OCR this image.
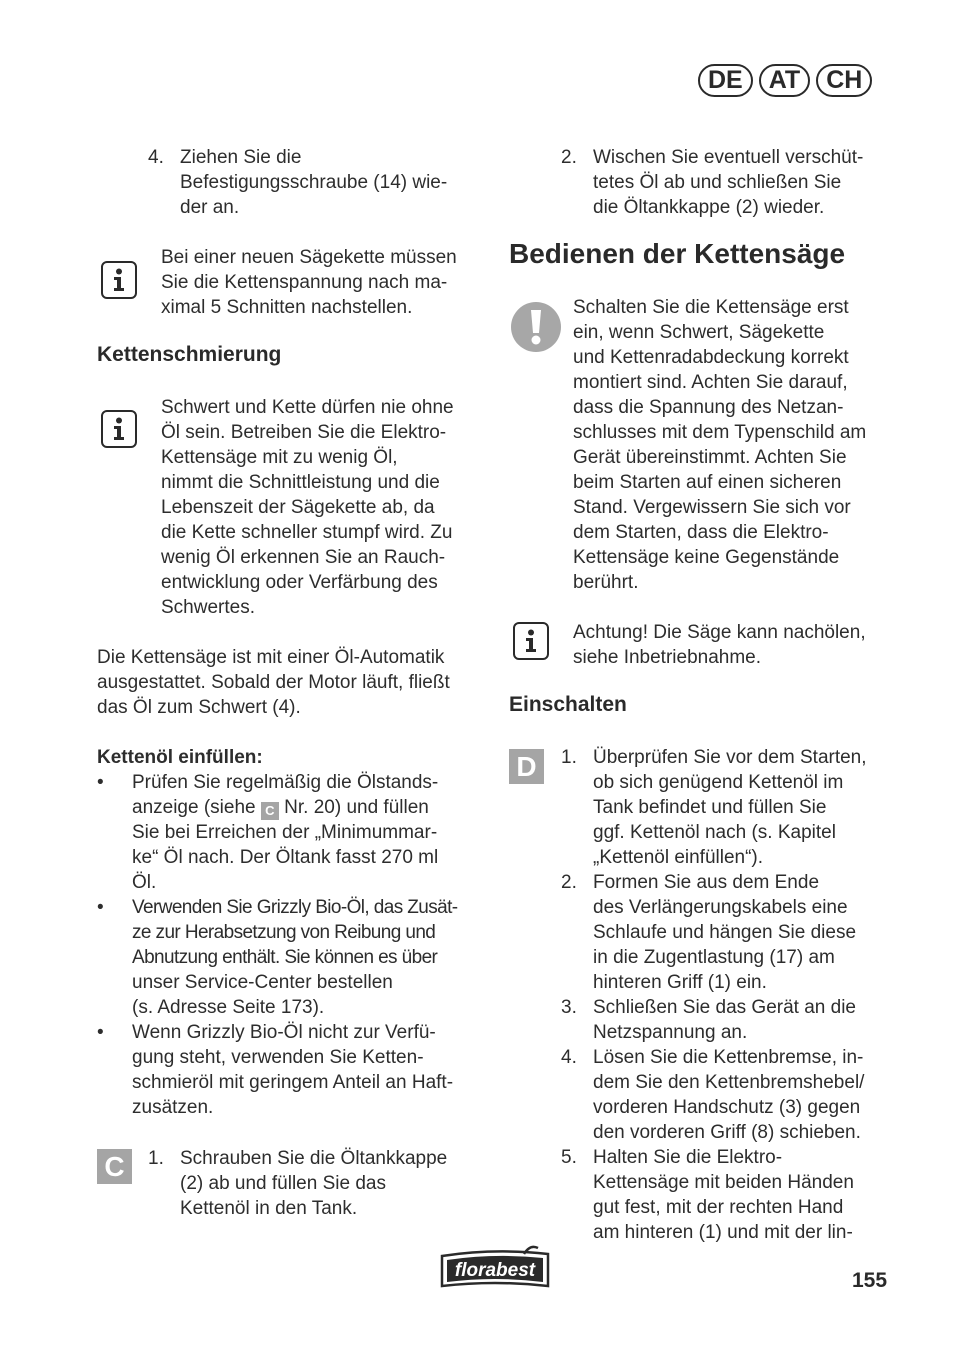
DE	AT	CH
4. Ziehen Sie die

Befestigungsschraube (14) wie-

der an.

Bei einer neuen Sägekette müssen

Sie die Kettenspannung nach ma-

ximal 5 Schnitten nachstellen.

Kettenschmierung

Schwert und Kette dürfen nie ohne

Öl sein. Betreiben Sie die Elektro-

Kettensäge mit zu wenig Öl,

nimmt die Schnittleistung und die

Lebenszeit der Sägekette ab, da

die Kette schneller stumpf wird. Zu

wenig Öl erkennen Sie an Rauch-

entwicklung oder Verfärbung des

Schwertes.

Die Kettensäge ist mit einer Öl-Automatik

ausgestattet. Sobald der Motor läuft, fließt

das Öl zum Schwert (4).

Kettenöl einfüllen:
•	Prüfen Sie regelmäßig die Ölstands-

anzeige (siehe C Nr. 20) und füllen

Sie bei Erreichen der „Minimummar-

ke“ Öl nach. Der Öltank fasst 270 ml

Öl.

•	Verwenden Sie Grizzly Bio-Öl, das Zusät-

ze zur Herabsetzung von Reibung und

Abnutzung enthält. Sie können es über

unser Service-Center bestellen

(s. Adresse Seite 173).

•	Wenn Grizzly Bio-Öl nicht zur Verfü-

gung steht, verwenden Sie Ketten-

schmieröl mit geringem Anteil an Haft-

zusätzen.

C	1. Schrauben Sie die Öltankkappe

(2) ab und füllen Sie das

Kettenöl in den Tank.

2. Wischen Sie eventuell verschüt-

tetes Öl ab und schließen Sie

die Öltankkappe (2) wieder.

Bedienen der Kettensäge

Schalten Sie die Kettensäge erst

ein, wenn Schwert, Sägekette

und Kettenradabdeckung korrekt

montiert sind. Achten Sie darauf,

dass die Spannung des Netzan-

schlusses mit dem Typenschild am

Gerät übereinstimmt. Achten Sie

beim Starten auf einen sicheren

Stand. Vergewissern Sie sich vor

dem Starten, dass die Elektro-

Kettensäge keine Gegenstände

berührt.

Achtung! Die Säge kann nachölen,

siehe Inbetriebnahme.

Einschalten
D	1. Überprüfen Sie vor dem Starten,

ob sich genügend Kettenöl im

Tank befindet und füllen Sie

ggf. Kettenöl nach (s. Kapitel

„Kettenöl einfüllen“).

2. Formen Sie aus dem Ende

des Verlängerungskabels eine

Schlaufe und hängen Sie diese

in die Zugentlastung (17) am

hinteren Griff (1) ein.

3. Schließen Sie das Gerät an die

Netzspannung an.

4. Lösen Sie die Kettenbremse, in-

dem Sie den Kettenbremshebel/

vorderen Handschutz (3) gegen

den vorderen Griff (8) schieben.

5. Halten Sie die Elektro-

Kettensäge mit beiden Händen

gut fest, mit der rechten Hand

am hinteren (1) und mit der lin-

florabest	155
